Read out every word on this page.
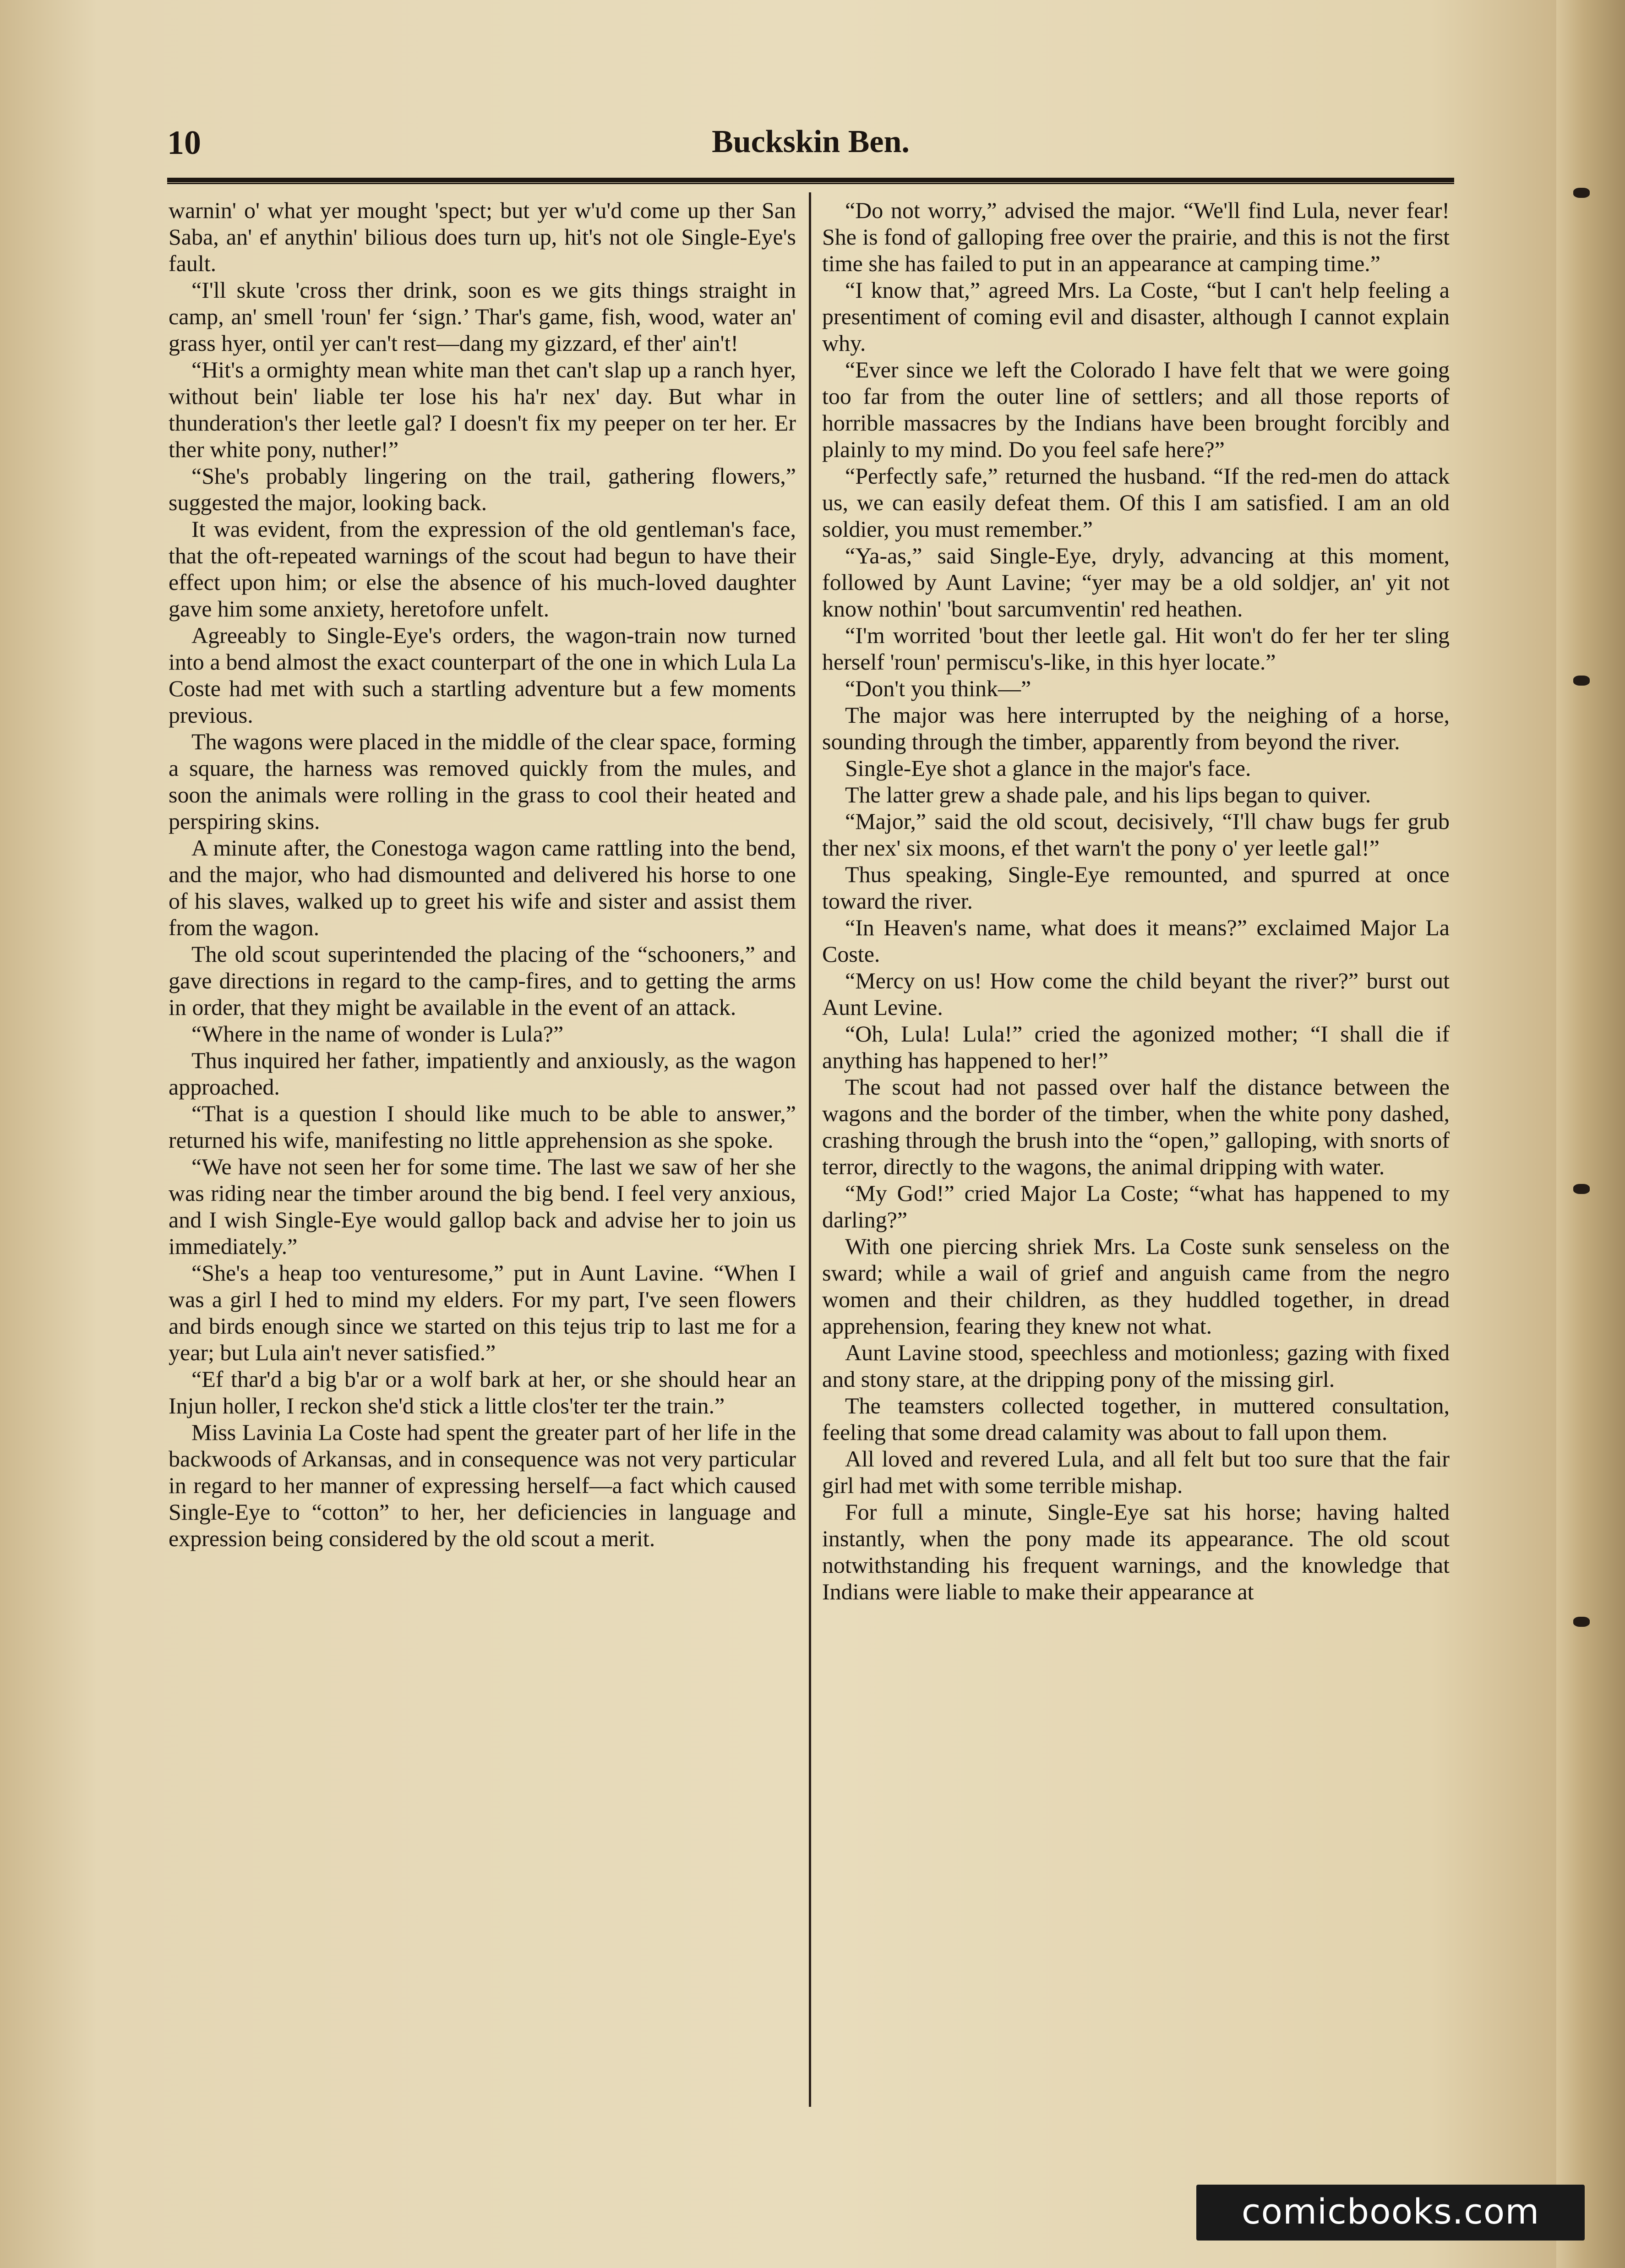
Buckskin Ben.
10

warnin' o' what yer mought 'spect; but yer w'u'd come up ther San Saba, an' ef anythin' bilious does turn up, hit's not ole Single-Eye's fault.

“I'll skute 'cross ther drink, soon es we gits things straight in camp, an' smell 'roun' fer ‘sign.’ Thar's game, fish, wood, water an' grass hyer, ontil yer can't rest—dang my gizzard, ef ther' ain't!

“Hit's a ormighty mean white man thet can't slap up a ranch hyer, without bein' liable ter lose his ha'r nex' day. But whar in thunderation's ther leetle gal? I doesn't fix my peeper on ter her. Er ther white pony, nuther!”

“She's probably lingering on the trail, gathering flowers,” suggested the major, looking back.

It was evident, from the expression of the old gentleman's face, that the oft-repeated warnings of the scout had begun to have their effect upon him; or else the absence of his much-loved daughter gave him some anxiety, heretofore unfelt.

Agreeably to Single-Eye's orders, the wagon-train now turned into a bend almost the exact counterpart of the one in which Lula La Coste had met with such a startling adventure but a few moments previous.

The wagons were placed in the middle of the clear space, forming a square, the harness was removed quickly from the mules, and soon the animals were rolling in the grass to cool their heated and perspiring skins.

A minute after, the Conestoga wagon came rattling into the bend, and the major, who had dismounted and delivered his horse to one of his slaves, walked up to greet his wife and sister and assist them from the wagon.

The old scout superintended the placing of the “schooners,” and gave directions in regard to the camp-fires, and to getting the arms in order, that they might be available in the event of an attack.

“Where in the name of wonder is Lula?”

Thus inquired her father, impatiently and anxiously, as the wagon approached.

“That is a question I should like much to be able to answer,” returned his wife, manifesting no little apprehension as she spoke.

“We have not seen her for some time. The last we saw of her she was riding near the timber around the big bend. I feel very anxious, and I wish Single-Eye would gallop back and advise her to join us immediately.”

“She's a heap too venturesome,” put in Aunt Lavine. “When I was a girl I hed to mind my elders. For my part, I've seen flowers and birds enough since we started on this tejus trip to last me for a year; but Lula ain't never satisfied.”

“Ef thar'd a big b'ar or a wolf bark at her, or she should hear an Injun holler, I reckon she'd stick a little clos'ter ter the train.”

Miss Lavinia La Coste had spent the greater part of her life in the backwoods of Arkansas, and in consequence was not very particular in regard to her manner of expressing herself—a fact which caused Single-Eye to “cotton” to her, her deficiencies in language and expression being considered by the old scout a merit.

“Do not worry,” advised the major. “We'll find Lula, never fear! She is fond of galloping free over the prairie, and this is not the first time she has failed to put in an appearance at camping time.”

“I know that,” agreed Mrs. La Coste, “but I can't help feeling a presentiment of coming evil and disaster, although I cannot explain why.

“Ever since we left the Colorado I have felt that we were going too far from the outer line of settlers; and all those reports of horrible massacres by the Indians have been brought forcibly and plainly to my mind. Do you feel safe here?”

“Perfectly safe,” returned the husband. “If the red-men do attack us, we can easily defeat them. Of this I am satisfied. I am an old soldier, you must remember.”

“Ya-as,” said Single-Eye, dryly, advancing at this moment, followed by Aunt Lavine; “yer may be a old soldjer, an' yit not know nothin' 'bout sarcumventin' red heathen.

“I'm worrited 'bout ther leetle gal. Hit won't do fer her ter sling herself 'roun' permiscu's-like, in this hyer locate.”

“Don't you think—”

The major was here interrupted by the neighing of a horse, sounding through the timber, apparently from beyond the river.

Single-Eye shot a glance in the major's face.

The latter grew a shade pale, and his lips began to quiver.

“Major,” said the old scout, decisively, “I'll chaw bugs fer grub ther nex' six moons, ef thet warn't the pony o' yer leetle gal!”

Thus speaking, Single-Eye remounted, and spurred at once toward the river.

“In Heaven's name, what does it means?” exclaimed Major La Coste.

“Mercy on us! How come the child beyant the river?” burst out Aunt Levine.

“Oh, Lula! Lula!” cried the agonized mother; “I shall die if anything has happened to her!”

The scout had not passed over half the distance between the wagons and the border of the timber, when the white pony dashed, crashing through the brush into the “open,” galloping, with snorts of terror, directly to the wagons, the animal dripping with water.

“My God!” cried Major La Coste; “what has happened to my darling?”

With one piercing shriek Mrs. La Coste sunk senseless on the sward; while a wail of grief and anguish came from the negro women and their children, as they huddled together, in dread apprehension, fearing they knew not what.

Aunt Lavine stood, speechless and motionless; gazing with fixed and stony stare, at the dripping pony of the missing girl.

The teamsters collected together, in muttered consultation, feeling that some dread calamity was about to fall upon them.

All loved and revered Lula, and all felt but too sure that the fair girl had met with some terrible mishap.

For full a minute, Single-Eye sat his horse; having halted instantly, when the pony made its appearance. The old scout notwithstanding his frequent warnings, and the knowledge that Indians were liable to make their appearance at

comicbooks.com
